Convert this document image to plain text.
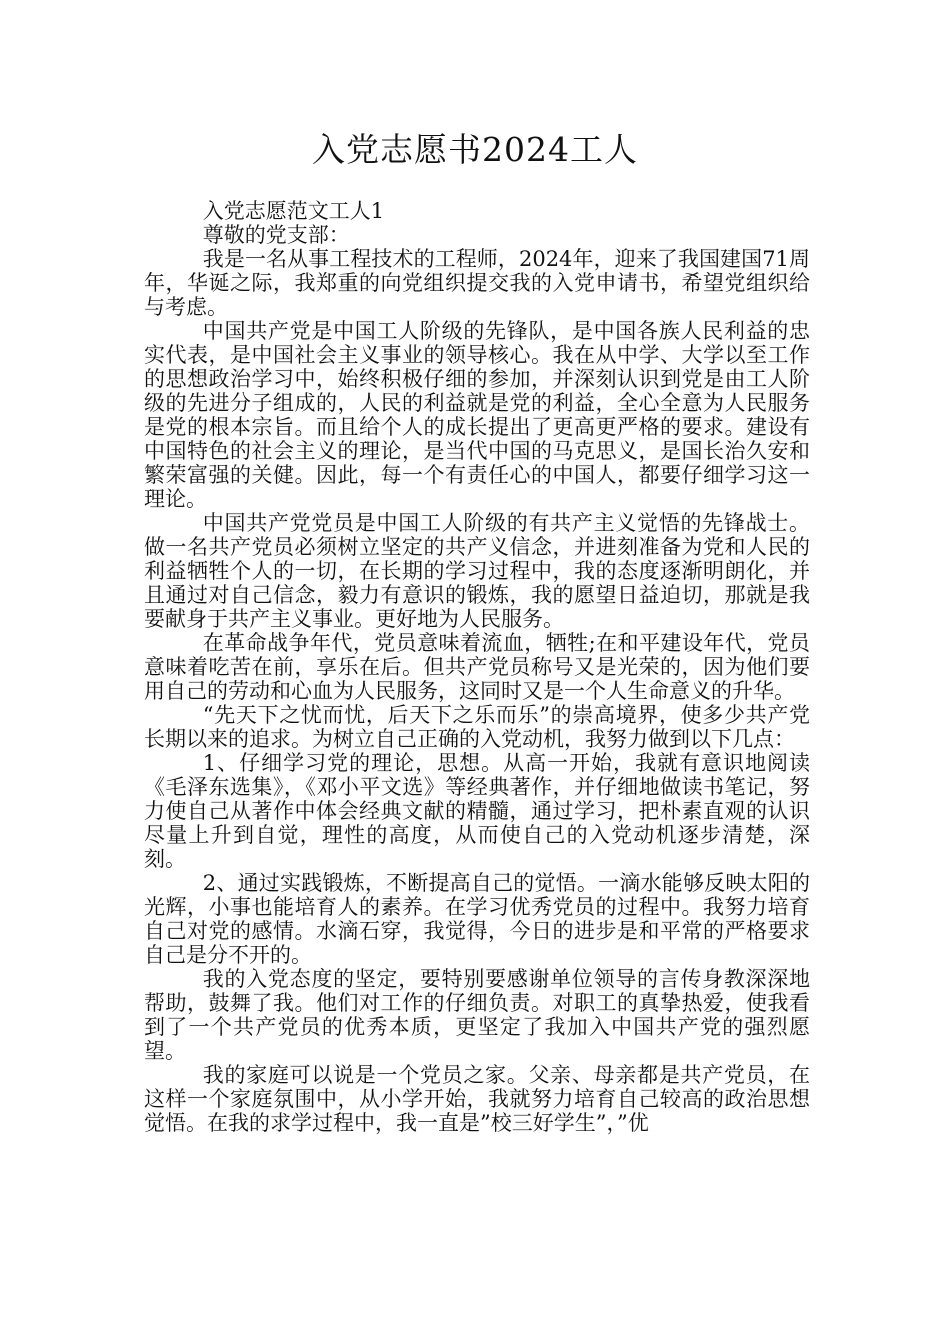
入党志愿书2024工人

入党志愿范文工人1

尊敬的党支部：

我是一名从事工程技术的工程师，2024年，迎来了我国建国71周年，华诞之际，我郑重的向党组织提交我的入党申请书，希望党组织给与考虑。

中国共产党是中国工人阶级的先锋队，是中国各族人民利益的忠实代表，是中国社会主义事业的领导核心。我在从中学、大学以至工作的思想政治学习中，始终积极仔细的参加，并深刻认识到党是由工人阶级的先进分子组成的，人民的利益就是党的利益，全心全意为人民服务是党的根本宗旨。而且给个人的成长提出了更高更严格的要求。建设有中国特色的社会主义的理论，是当代中国的马克思义，是国长治久安和繁荣富强的关健。因此，每一个有责任心的中国人，都要仔细学习这一理论。

中国共产党党员是中国工人阶级的有共产主义觉悟的先锋战士。做一名共产党员必须树立坚定的共产义信念，并进刻准备为党和人民的利益牺牲个人的一切，在长期的学习过程中，我的态度逐渐明朗化，并且通过对自己信念，毅力有意识的锻炼，我的愿望日益迫切，那就是我要献身于共产主义事业。更好地为人民服务。

在革命战争年代，党员意味着流血，牺牲;在和平建设年代，党员意味着吃苦在前，享乐在后。但共产党员称号又是光荣的，因为他们要用自己的劳动和心血为人民服务，这同时又是一个人生命意义的升华。

“先天下之忧而忧，后天下之乐而乐”的崇高境界，使多少共产党长期以来的追求。为树立自己正确的入党动机，我努力做到以下几点：

1、仔细学习党的理论，思想。从高一开始，我就有意识地阅读《毛泽东选集》，《邓小平文选》等经典著作，并仔细地做读书笔记，努力使自己从著作中体会经典文献的精髓，通过学习，把朴素直观的认识尽量上升到自觉，理性的高度，从而使自己的入党动机逐步清楚，深刻。

2、通过实践锻炼，不断提高自己的觉悟。一滴水能够反映太阳的光辉，小事也能培育人的素养。在学习优秀党员的过程中。我努力培育自己对党的感情。水滴石穿，我觉得，今日的进步是和平常的严格要求自己是分不开的。

我的入党态度的坚定，要特别要感谢单位领导的言传身教深深地帮助，鼓舞了我。他们对工作的仔细负责。对职工的真挚热爱，使我看到了一个共产党员的优秀本质，更坚定了我加入中国共产党的强烈愿望。

我的家庭可以说是一个党员之家。父亲、母亲都是共产党员，在这样一个家庭氛围中，从小学开始，我就努力培育自己较高的政治思想觉悟。在我的求学过程中，我一直是”校三好学生”，”优
